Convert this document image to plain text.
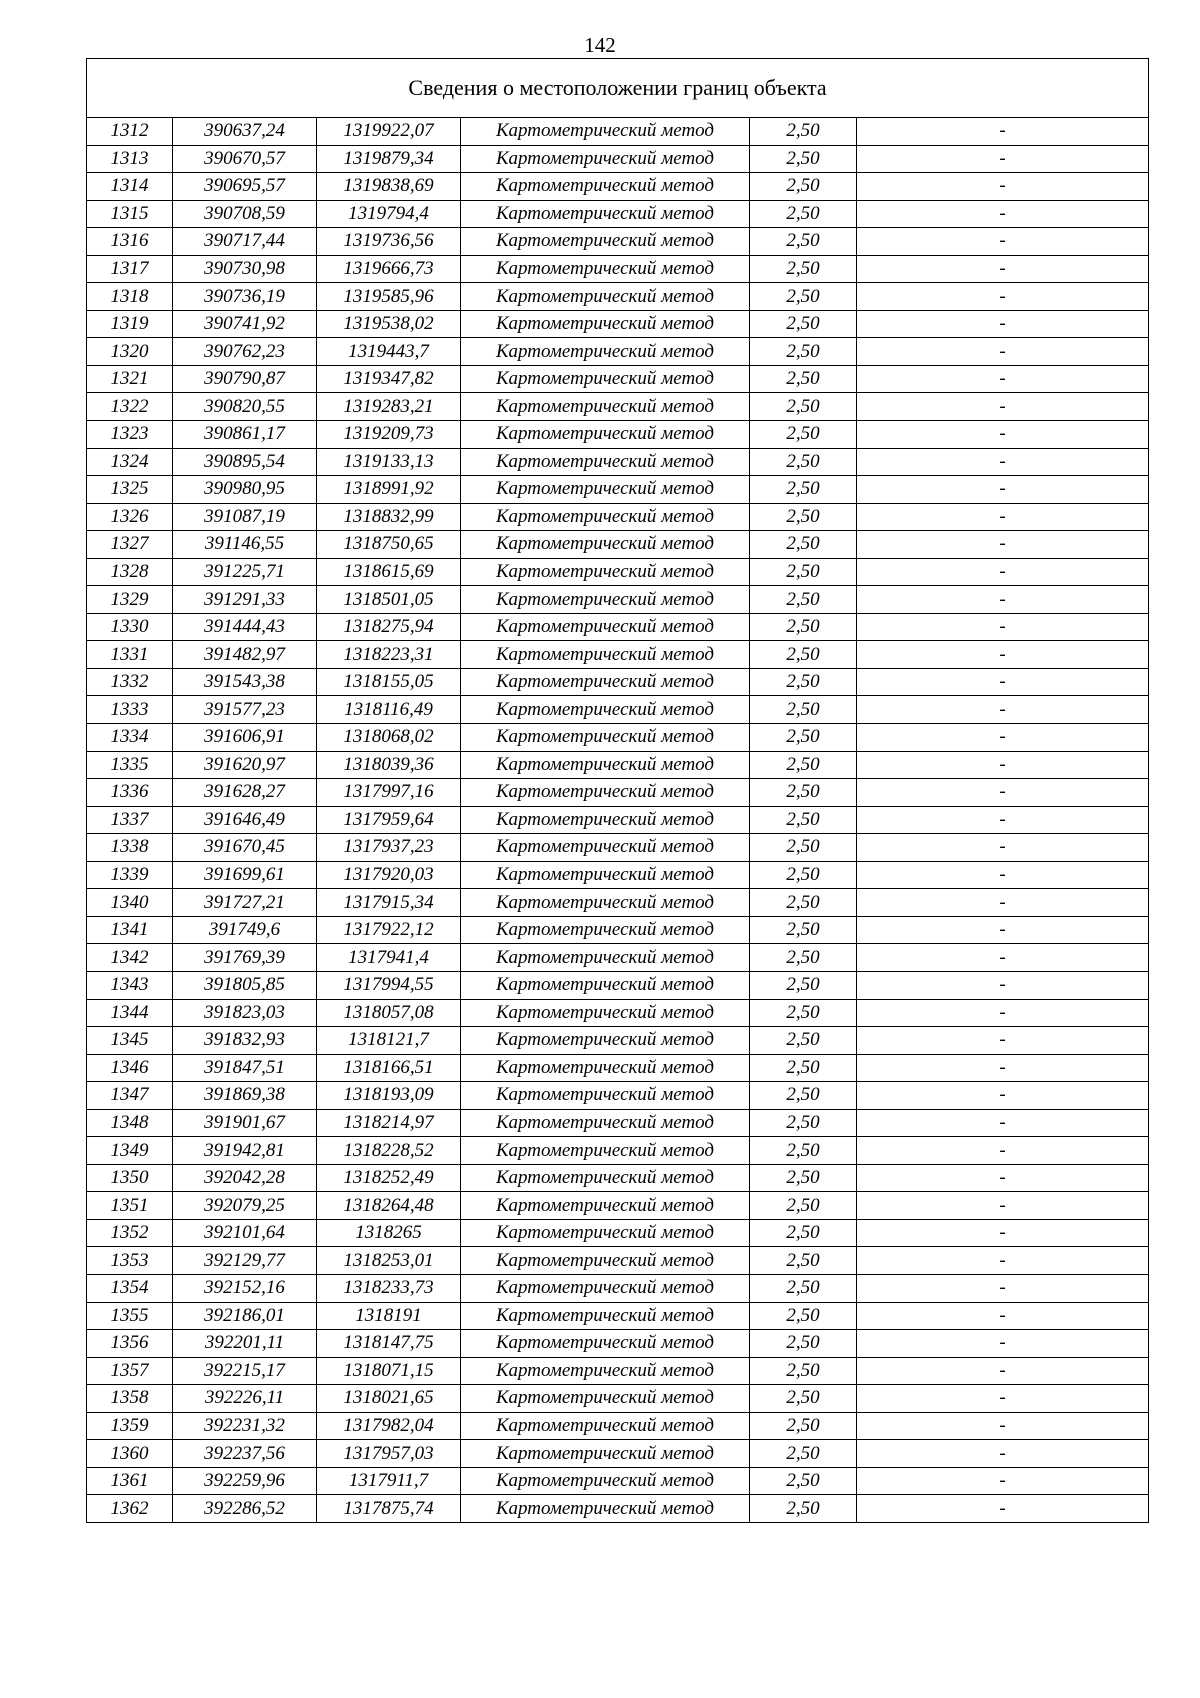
142
Сведения о местоположении границ объекта					
1312	390637,24	1319922,07	Картометрический метод	2,50	-
1313	390670,57	1319879,34	Картометрический метод	2,50	-
1314	390695,57	1319838,69	Картометрический метод	2,50	-
1315	390708,59	1319794,4	Картометрический метод	2,50	-
1316	390717,44	1319736,56	Картометрический метод	2,50	-
1317	390730,98	1319666,73	Картометрический метод	2,50	-
1318	390736,19	1319585,96	Картометрический метод	2,50	-
1319	390741,92	1319538,02	Картометрический метод	2,50	-
1320	390762,23	1319443,7	Картометрический метод	2,50	-
1321	390790,87	1319347,82	Картометрический метод	2,50	-
1322	390820,55	1319283,21	Картометрический метод	2,50	-
1323	390861,17	1319209,73	Картометрический метод	2,50	-
1324	390895,54	1319133,13	Картометрический метод	2,50	-
1325	390980,95	1318991,92	Картометрический метод	2,50	-
1326	391087,19	1318832,99	Картометрический метод	2,50	-
1327	391146,55	1318750,65	Картометрический метод	2,50	-
1328	391225,71	1318615,69	Картометрический метод	2,50	-
1329	391291,33	1318501,05	Картометрический метод	2,50	-
1330	391444,43	1318275,94	Картометрический метод	2,50	-
1331	391482,97	1318223,31	Картометрический метод	2,50	-
1332	391543,38	1318155,05	Картометрический метод	2,50	-
1333	391577,23	1318116,49	Картометрический метод	2,50	-
1334	391606,91	1318068,02	Картометрический метод	2,50	-
1335	391620,97	1318039,36	Картометрический метод	2,50	-
1336	391628,27	1317997,16	Картометрический метод	2,50	-
1337	391646,49	1317959,64	Картометрический метод	2,50	-
1338	391670,45	1317937,23	Картометрический метод	2,50	-
1339	391699,61	1317920,03	Картометрический метод	2,50	-
1340	391727,21	1317915,34	Картометрический метод	2,50	-
1341	391749,6	1317922,12	Картометрический метод	2,50	-
1342	391769,39	1317941,4	Картометрический метод	2,50	-
1343	391805,85	1317994,55	Картометрический метод	2,50	-
1344	391823,03	1318057,08	Картометрический метод	2,50	-
1345	391832,93	1318121,7	Картометрический метод	2,50	-
1346	391847,51	1318166,51	Картометрический метод	2,50	-
1347	391869,38	1318193,09	Картометрический метод	2,50	-
1348	391901,67	1318214,97	Картометрический метод	2,50	-
1349	391942,81	1318228,52	Картометрический метод	2,50	-
1350	392042,28	1318252,49	Картометрический метод	2,50	-
1351	392079,25	1318264,48	Картометрический метод	2,50	-
1352	392101,64	1318265	Картометрический метод	2,50	-
1353	392129,77	1318253,01	Картометрический метод	2,50	-
1354	392152,16	1318233,73	Картометрический метод	2,50	-
1355	392186,01	1318191	Картометрический метод	2,50	-
1356	392201,11	1318147,75	Картометрический метод	2,50	-
1357	392215,17	1318071,15	Картометрический метод	2,50	-
1358	392226,11	1318021,65	Картометрический метод	2,50	-
1359	392231,32	1317982,04	Картометрический метод	2,50	-
1360	392237,56	1317957,03	Картометрический метод	2,50	-
1361	392259,96	1317911,7	Картометрический метод	2,50	-
1362	392286,52	1317875,74	Картометрический метод	2,50	-
